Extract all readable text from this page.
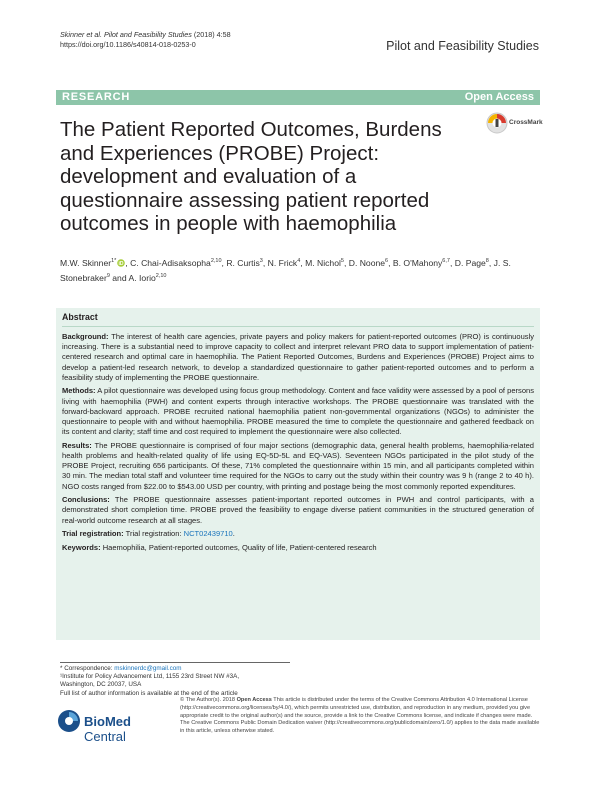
Skinner et al. Pilot and Feasibility Studies (2018) 4:58
https://doi.org/10.1186/s40814-018-0253-0	Pilot and Feasibility Studies
RESEARCH	Open Access
The Patient Reported Outcomes, Burdens and Experiences (PROBE) Project: development and evaluation of a questionnaire assessing patient reported outcomes in people with haemophilia
CrossMark
M.W. Skinner$^{1*}$ iD , C. Chai-Adisaksopha$^{2,10}$, R. Curtis$^3$, N. Frick$^4$, M. Nichol$^5$, D. Noone$^6$, B. O'Mahony$^{6,7}$, D. Page$^8$, J. S. Stonebraker$^9$ and A. Iorio$^{2,10}$
Abstract

Background: The interest of health care agencies, private payers and policy makers for patient-reported outcomes (PRO) is continuously increasing. There is a substantial need to improve capacity to collect and interpret relevant PRO data to support implementation of patient-centered research and optimal care in haemophilia. The Patient Reported Outcomes, Burdens and Experiences (PROBE) Project aims to develop a patient-led research network, to develop a standardized questionnaire to gather patient-reported outcomes and to perform a feasibility study of implementing the PROBE questionnaire.

Methods: A pilot questionnaire was developed using focus group methodology. Content and face validity were assessed by a pool of persons living with haemophilia (PWH) and content experts through interactive workshops. The PROBE questionnaire was translated with the forward-backward approach. PROBE recruited national haemophilia patient non-governmental organizations (NGOs) to administer the questionnaire to people with and without haemophilia. PROBE measured the time to complete the questionnaire and gathered feedback on its content and clarity; staff time and cost required to implement the questionnaire were also collected.

Results: The PROBE questionnaire is comprised of four major sections (demographic data, general health problems, haemophilia-related health problems and health-related quality of life using EQ-5D-5L and EQ-VAS). Seventeen NGOs participated in the pilot study of the PROBE Project, recruiting 656 participants. Of these, 71% completed the questionnaire within 15 min, and all participants completed within 30 min. The median total staff and volunteer time required for the NGOs to carry out the study within their country was 9 h (range 2 to 40 h). NGO costs ranged from $22.00 to $543.00 USD per country, with printing and postage being the most commonly reported expenditures.

Conclusions: The PROBE questionnaire assesses patient-important reported outcomes in PWH and control participants, with a demonstrated short completion time. PROBE proved the feasibility to engage diverse patient communities in the structured generation of real-world outcome research at all stages.

Trial registration: Trial registration: NCT02439710.

Keywords: Haemophilia, Patient-reported outcomes, Quality of life, Patient-centered research

* Correspondence: mskinnerdc@gmail.com
¹Institute for Policy Advancement Ltd, 1155 23rd Street NW #3A,
Washington, DC 20037, USA
Full list of author information is available at the end of the article
BioMed Central
© The Author(s). 2018 Open Access This article is distributed under the terms of the Creative Commons Attribution 4.0 International License (http://creativecommons.org/licenses/by/4.0/), which permits unrestricted use, distribution, and reproduction in any medium, provided you give appropriate credit to the original author(s) and the source, provide a link to the Creative Commons license, and indicate if changes were made. The Creative Commons Public Domain Dedication waiver (http://creativecommons.org/publicdomain/zero/1.0/) applies to the data made available in this article, unless otherwise stated.
